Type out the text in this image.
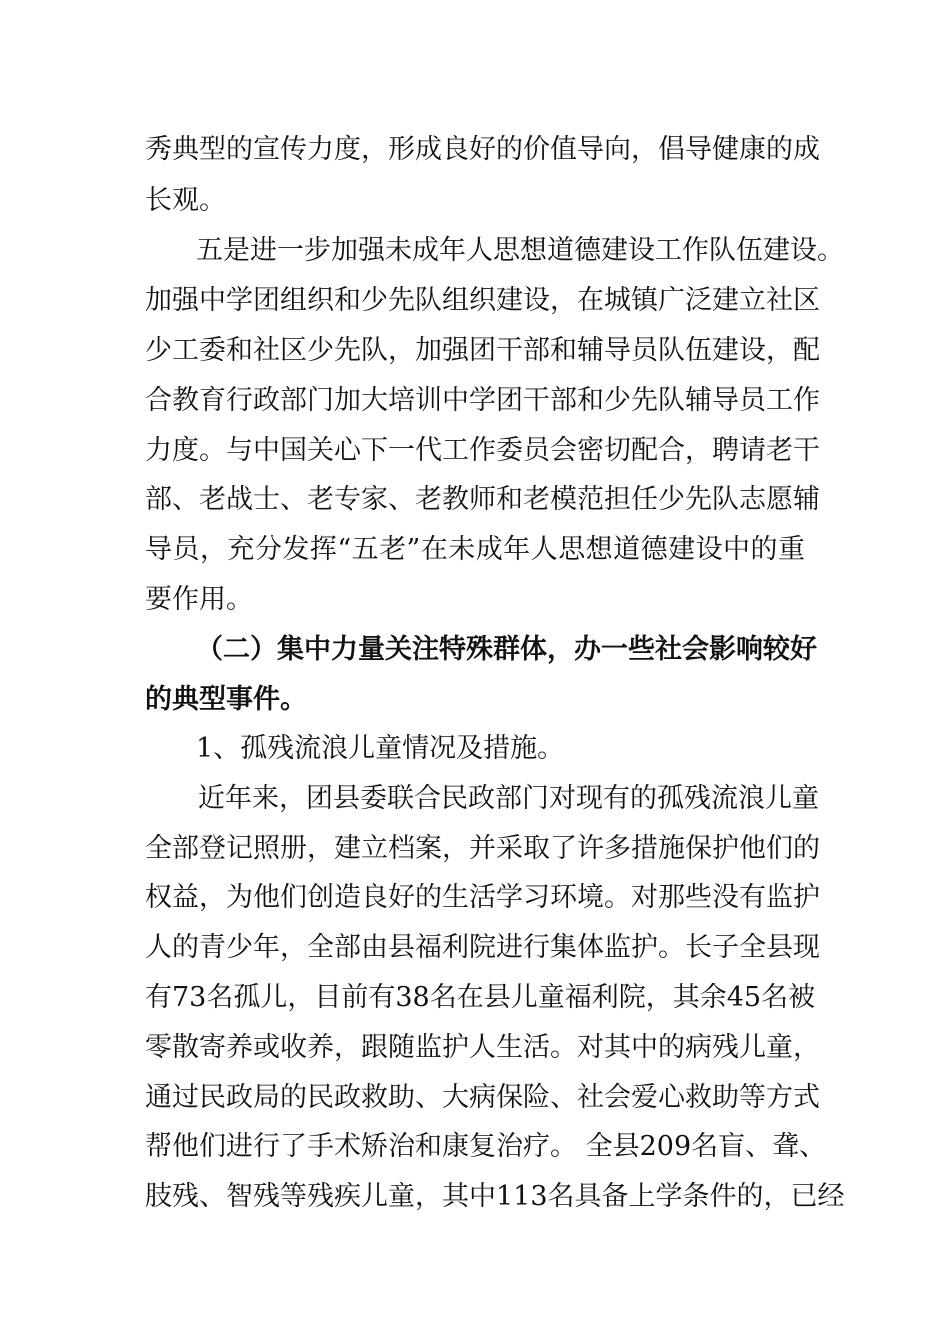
秀典型的宣传力度，形成良好的价值导向，倡导健康的成
长观。
五是进一步加强未成年人思想道德建设工作队伍建设。
加强中学团组织和少先队组织建设，在城镇广泛建立社区
少工委和社区少先队，加强团干部和辅导员队伍建设，配
合教育行政部门加大培训中学团干部和少先队辅导员工作
力度。与中国关心下一代工作委员会密切配合，聘请老干
部、老战士、老专家、老教师和老模范担任少先队志愿辅
导员，充分发挥“五老”在未成年人思想道德建设中的重
要作用。
（二）集中力量关注特殊群体，办一些社会影响较好
的典型事件。
1、孤残流浪儿童情况及措施。
近年来，团县委联合民政部门对现有的孤残流浪儿童
全部登记照册，建立档案，并采取了许多措施保护他们的
权益，为他们创造良好的生活学习环境。对那些没有监护
人的青少年，全部由县福利院进行集体监护。长子全县现
有73名孤儿，目前有38名在县儿童福利院，其余45名被
零散寄养或收养，跟随监护人生活。对其中的病残儿童，
通过民政局的民政救助、大病保险、社会爱心救助等方式
帮他们进行了手术矫治和康复治疗。 全县209名盲、聋、
肢残、智残等残疾儿童，其中113名具备上学条件的，已经
